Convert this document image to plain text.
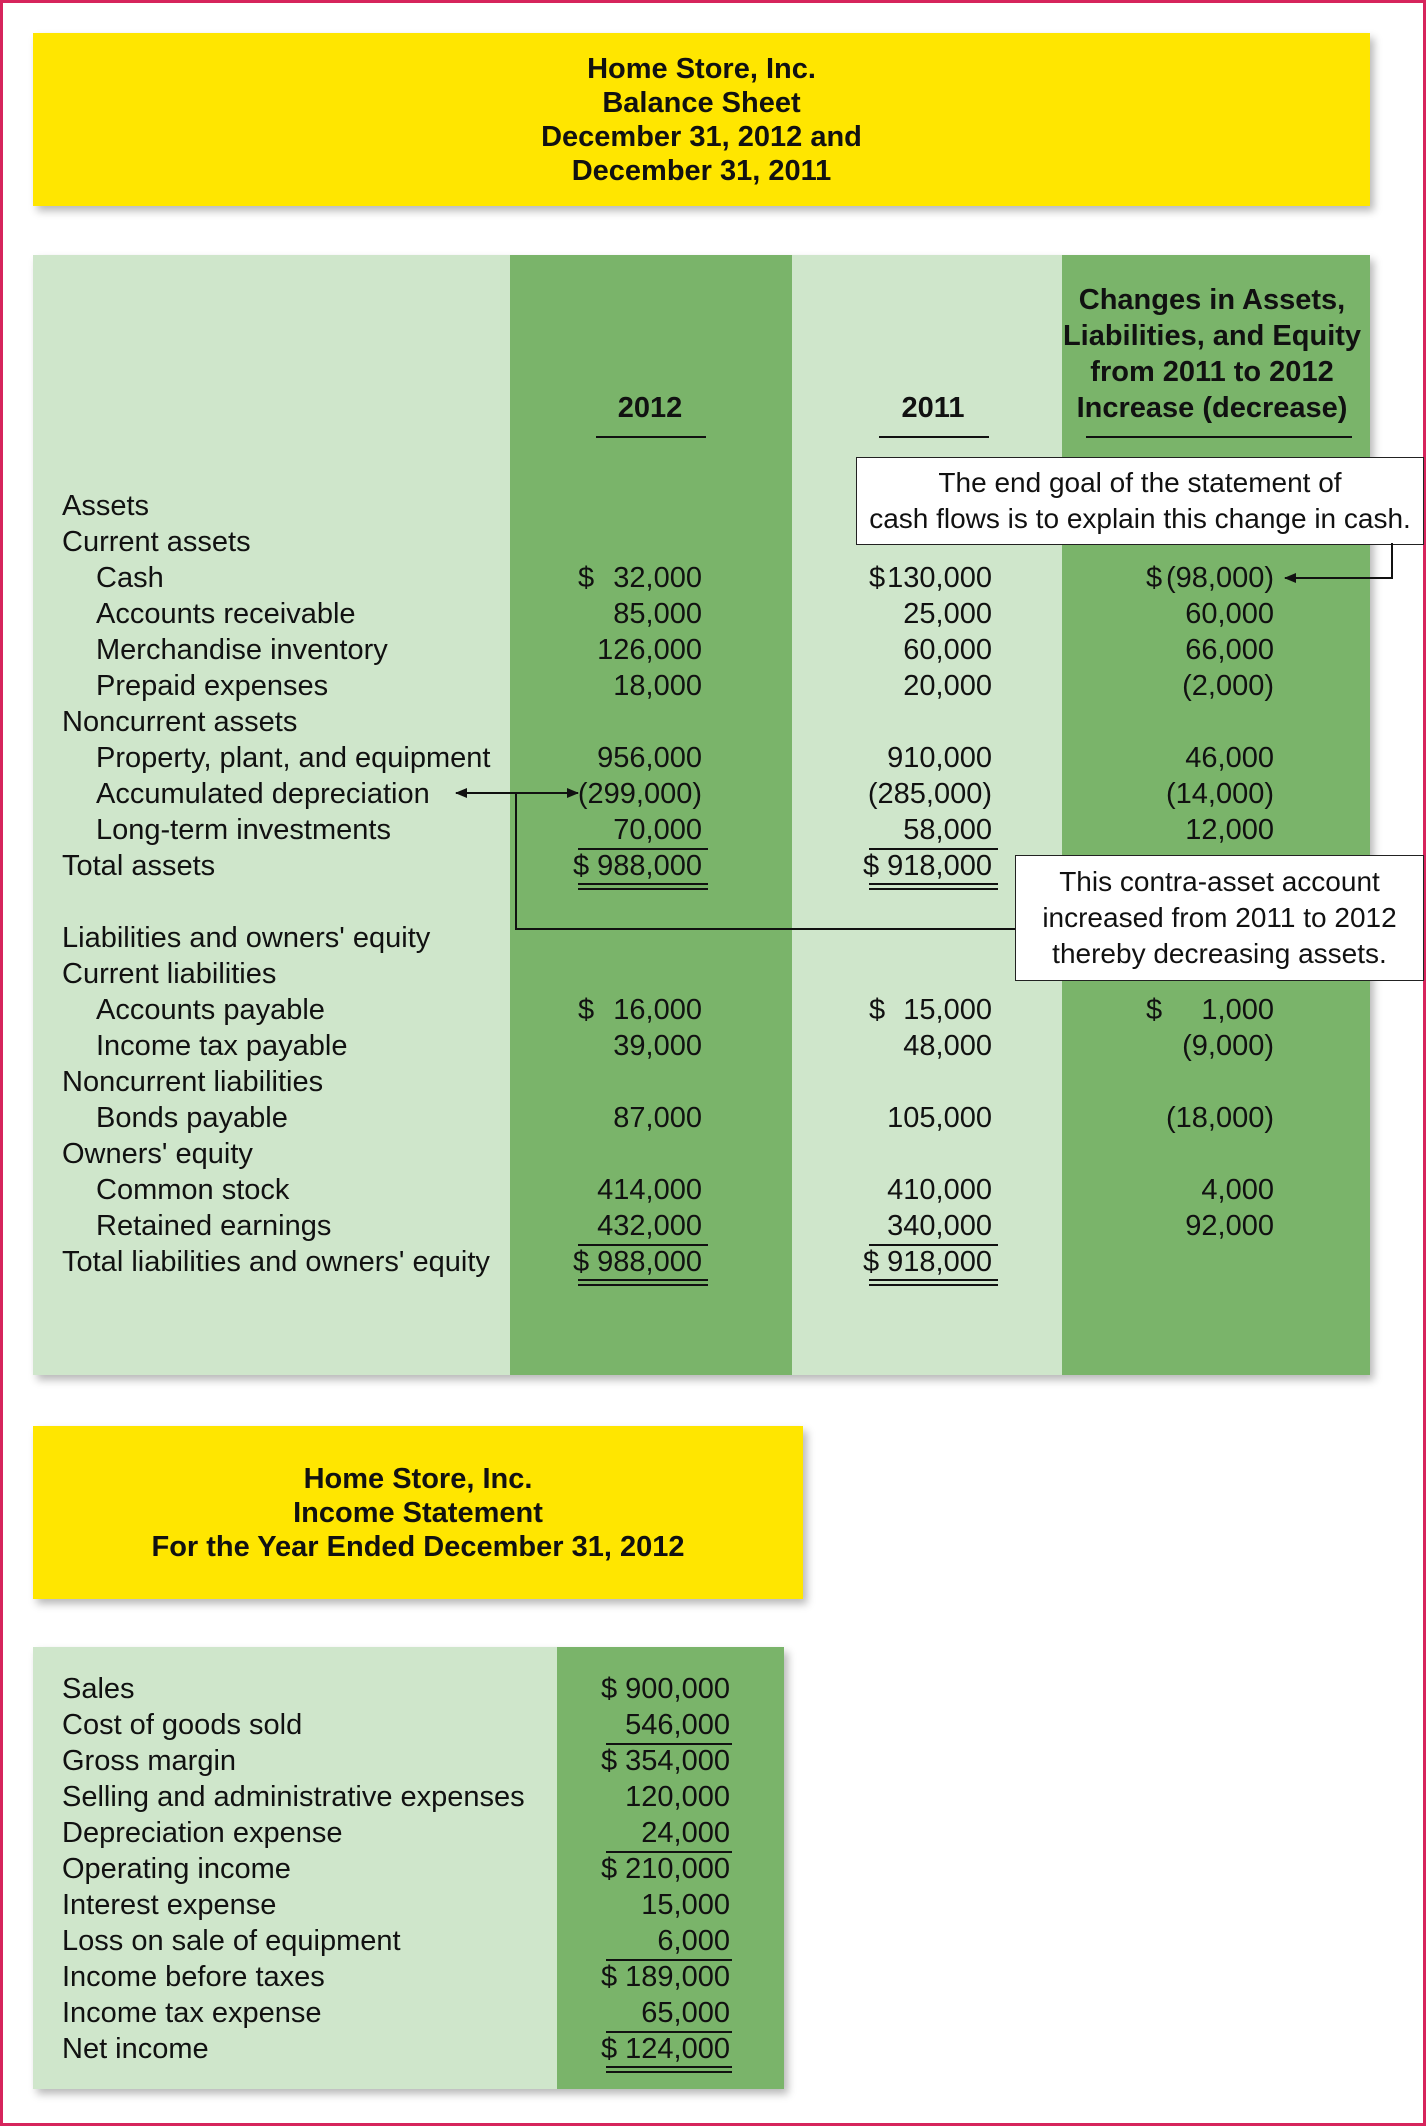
Home Store, Inc.
Balance Sheet
December 31, 2012 and
December 31, 2011
2012	2011
Changes in Assets,
Liabilities, and Equity
from 2011 to 2012
Increase (decrease)
Assets
Current assets
Cash	32,000	130,000	(98,000)
$	$	$
Accounts receivable	85,000	25,000	60,000
Merchandise inventory	126,000	60,000	66,000
Prepaid expenses	18,000	20,000	(2,000)
Noncurrent assets
Property, plant, and equipment	956,000	910,000	46,000
Accumulated depreciation	(299,000)	(285,000)	(14,000)
Long-term investments	70,000	58,000	12,000
Total assets	$ 988,000	$ 918,000
Liabilities and owners' equity
Current liabilities
Accounts payable	16,000	15,000	1,000
$	$	$
Income tax payable	39,000	48,000	(9,000)
Noncurrent liabilities
Bonds payable	87,000	105,000	(18,000)
Owners' equity
Common stock	414,000	410,000	4,000
Retained earnings	432,000	340,000	92,000
Total liabilities and owners' equity	$ 988,000	$ 918,000
Home Store, Inc.
Income Statement
For the Year Ended December 31, 2012
Sales	$ 900,000
Cost of goods sold	546,000
Gross margin	$ 354,000
Selling and administrative expenses	120,000
Depreciation expense	24,000
Operating income	$ 210,000
Interest expense	15,000
Loss on sale of equipment	6,000
Income before taxes	$ 189,000
Income tax expense	65,000
Net income	$ 124,000
The end goal of the statement of
cash flows is to explain this change in cash.
This contra-asset account
increased from 2011 to 2012
thereby decreasing assets.
